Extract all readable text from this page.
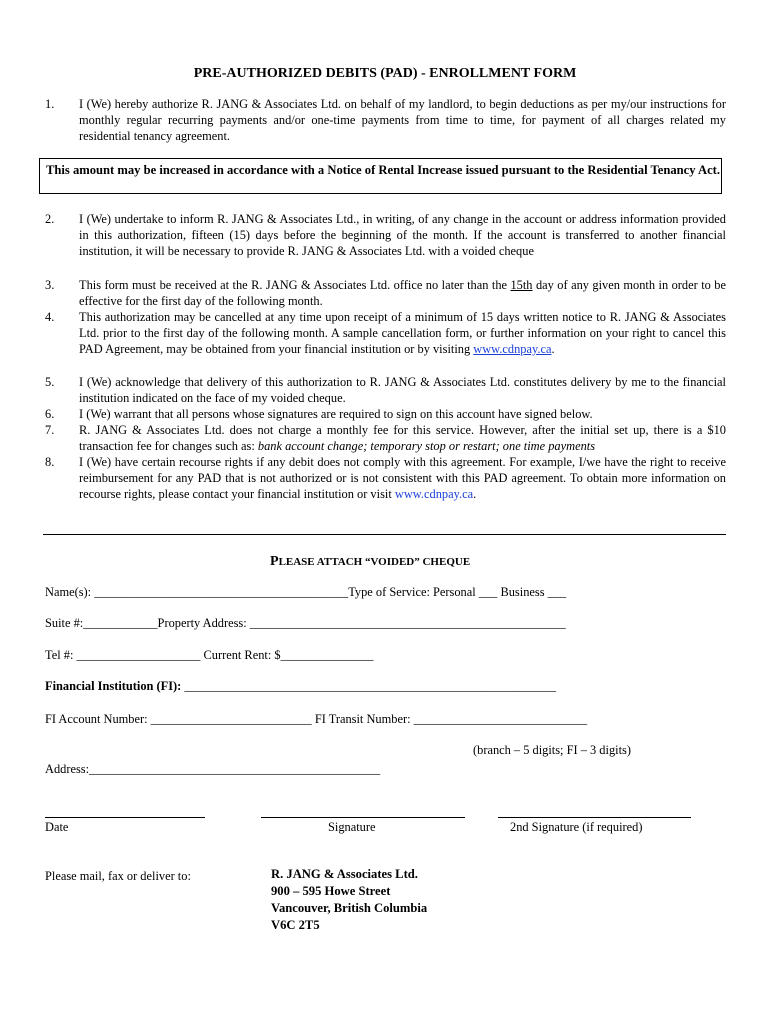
PRE-AUTHORIZED DEBITS (PAD) - ENROLLMENT FORM
1. I (We) hereby authorize R. JANG & Associates Ltd. on behalf of my landlord, to begin deductions as per my/our instructions for monthly regular recurring payments and/or one-time payments from time to time, for payment of all charges related my residential tenancy agreement.
This amount may be increased in accordance with a Notice of Rental Increase issued pursuant to the Residential Tenancy Act.
2. I (We) undertake to inform R. JANG & Associates Ltd., in writing, of any change in the account or address information provided in this authorization, fifteen (15) days before the beginning of the month. If the account is transferred to another financial institution, it will be necessary to provide R. JANG & Associates Ltd. with a voided cheque
3. This form must be received at the R. JANG & Associates Ltd. office no later than the 15th day of any given month in order to be effective for the first day of the following month.
4. This authorization may be cancelled at any time upon receipt of a minimum of 15 days written notice to R. JANG & Associates Ltd. prior to the first day of the following month. A sample cancellation form, or further information on your right to cancel this PAD Agreement, may be obtained from your financial institution or by visiting www.cdnpay.ca.
5. I (We) acknowledge that delivery of this authorization to R. JANG & Associates Ltd. constitutes delivery by me to the financial institution indicated on the face of my voided cheque.
6. I (We) warrant that all persons whose signatures are required to sign on this account have signed below.
7. R. JANG & Associates Ltd. does not charge a monthly fee for this service. However, after the initial set up, there is a $10 transaction fee for changes such as: bank account change; temporary stop or restart; one time payments
8. I (We) have certain recourse rights if any debit does not comply with this agreement. For example, I/we have the right to receive reimbursement for any PAD that is not authorized or is not consistent with this PAD agreement. To obtain more information on recourse rights, please contact your financial institution or visit www.cdnpay.ca.
PLEASE ATTACH “VOIDED” CHEQUE
Name(s): _________________________________________Type of Service: Personal ___ Business ___
Suite #:____________Property Address: ___________________________________________________
Tel #: ____________________ Current Rent: $_______________
Financial Institution (FI): ____________________________________________________________
FI Account Number: __________________________ FI Transit Number: ____________________________
(branch – 5 digits; FI – 3 digits)
Address:_______________________________________________
Date	Signature	2nd Signature (if required)
Please mail, fax or deliver to:	R. JANG & Associates Ltd.
900 – 595 Howe Street
Vancouver, British Columbia
V6C 2T5
